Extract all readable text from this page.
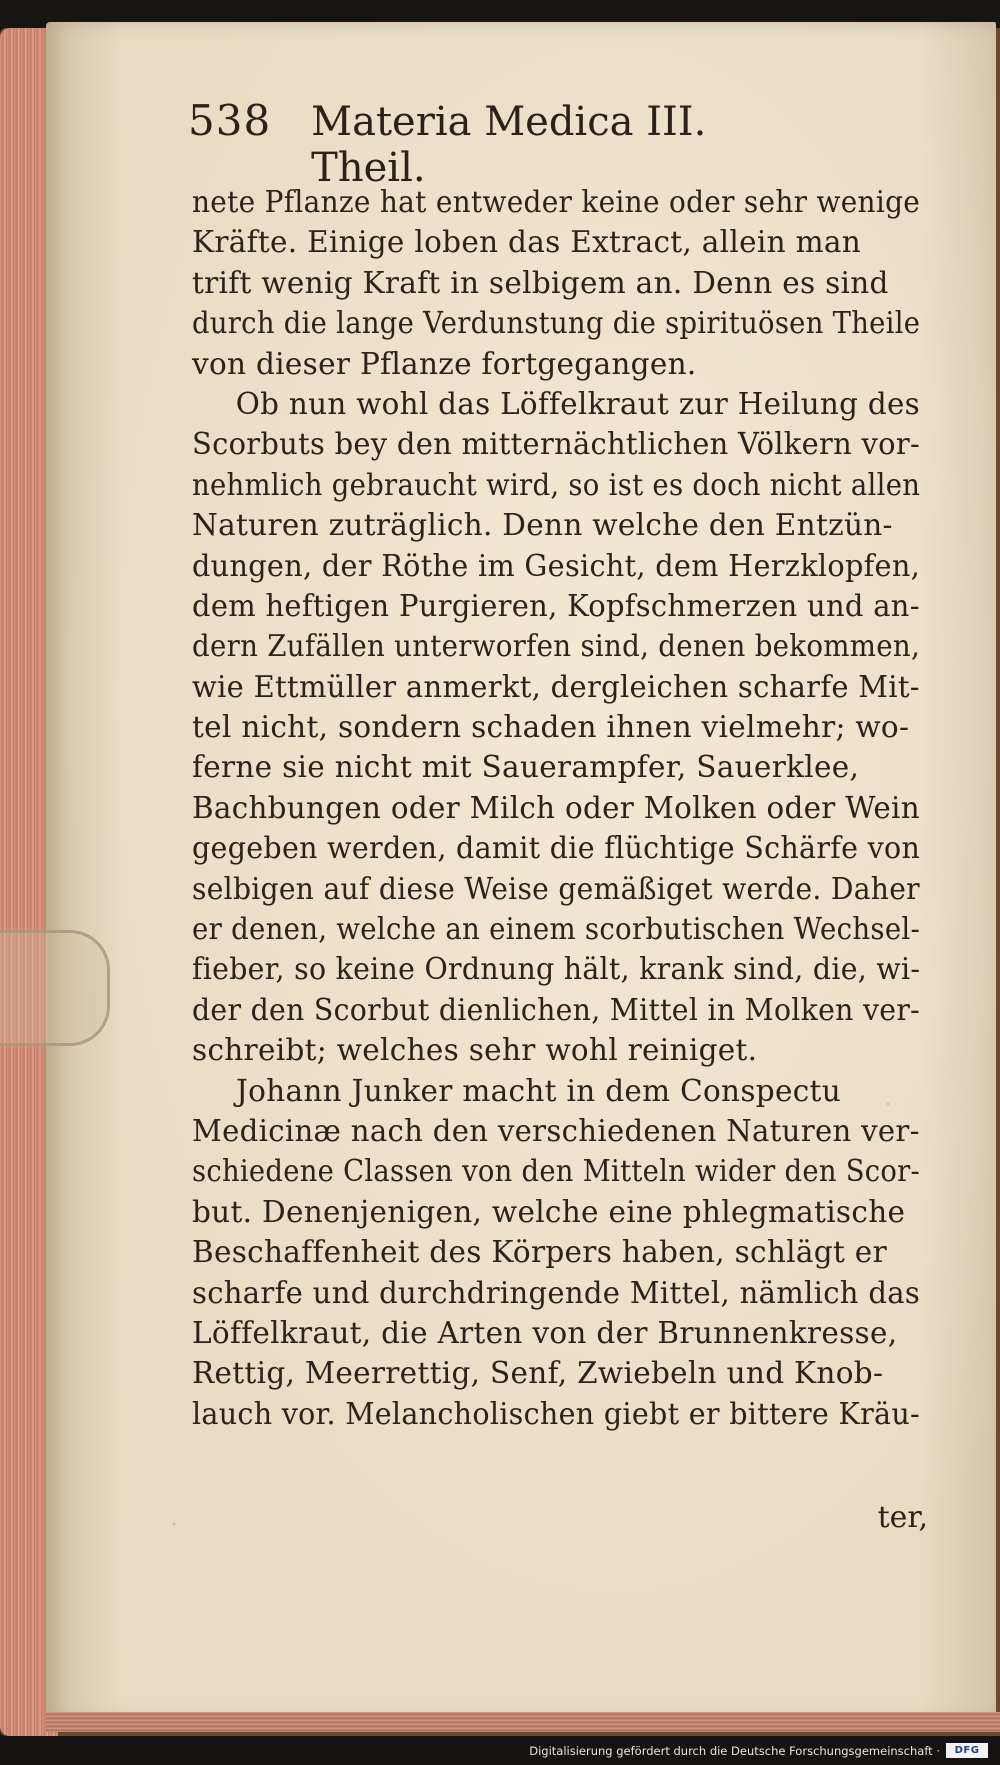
·
·
538 Materia Medica III. Theil.
nete Pflanze hat entweder keine oder sehr wenige
Kräfte. Einige loben das Extract, allein man
trift wenig Kraft in selbigem an. Denn es sind
durch die lange Verdunstung die spirituösen Theile
von dieser Pflanze fortgegangen.
Ob nun wohl das Löffelkraut zur Heilung des
Scorbuts bey den mitternächtlichen Völkern vor-
nehmlich gebraucht wird, so ist es doch nicht allen
Naturen zuträglich. Denn welche den Entzün-
dungen, der Röthe im Gesicht, dem Herzklopfen,
dem heftigen Purgieren, Kopfschmerzen und an-
dern Zufällen unterworfen sind, denen bekommen,
wie Ettmüller anmerkt, dergleichen scharfe Mit-
tel nicht, sondern schaden ihnen vielmehr; wo-
ferne sie nicht mit Sauerampfer, Sauerklee,
Bachbungen oder Milch oder Molken oder Wein
gegeben werden, damit die flüchtige Schärfe von
selbigen auf diese Weise gemäßiget werde. Daher
er denen, welche an einem scorbutischen Wechsel-
fieber, so keine Ordnung hält, krank sind, die, wi-
der den Scorbut dienlichen, Mittel in Molken ver-
schreibt; welches sehr wohl reiniget.
Johann Junker macht in dem Conspectu
Medicinæ nach den verschiedenen Naturen ver-
schiedene Classen von den Mitteln wider den Scor-
but. Denenjenigen, welche eine phlegmatische
Beschaffenheit des Körpers haben, schlägt er
scharfe und durchdringende Mittel, nämlich das
Löffelkraut, die Arten von der Brunnenkresse,
Rettig, Meerrettig, Senf, Zwiebeln und Knob-
lauch vor. Melancholischen giebt er bittere Kräu-
ter,
Digitalisierung gefördert durch die Deutsche Forschungsgemeinschaft ·	DFG
